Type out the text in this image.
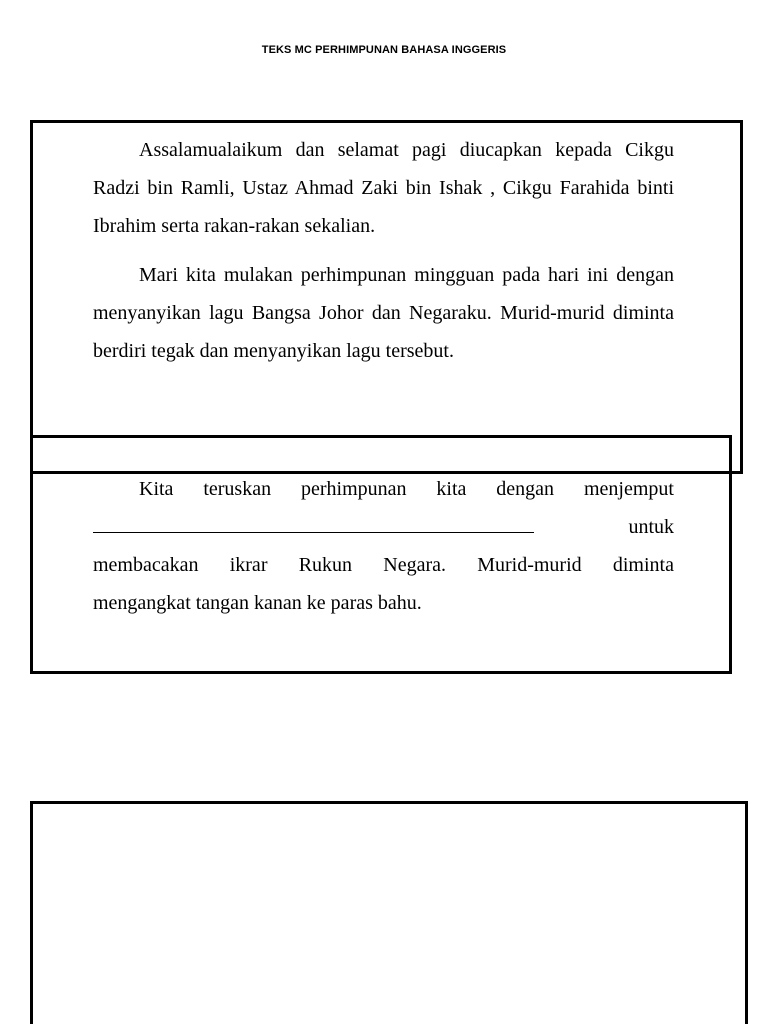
TEKS MC PERHIMPUNAN BAHASA INGGERIS

Assalamualaikum dan selamat pagi diucapkan kepada Cikgu Radzi bin Ramli, Ustaz Ahmad Zaki bin Ishak , Cikgu Farahida binti Ibrahim serta rakan-rakan sekalian.

Mari kita mulakan perhimpunan mingguan pada hari ini dengan menyanyikan lagu Bangsa Johor dan Negaraku. Murid-murid diminta berdiri tegak dan menyanyikan lagu tersebut.

Kita teruskan perhimpunan kita dengan menjemput
untuk
membacakan ikrar Rukun Negara. Murid-murid diminta
mengangkat tangan kanan ke paras bahu.
